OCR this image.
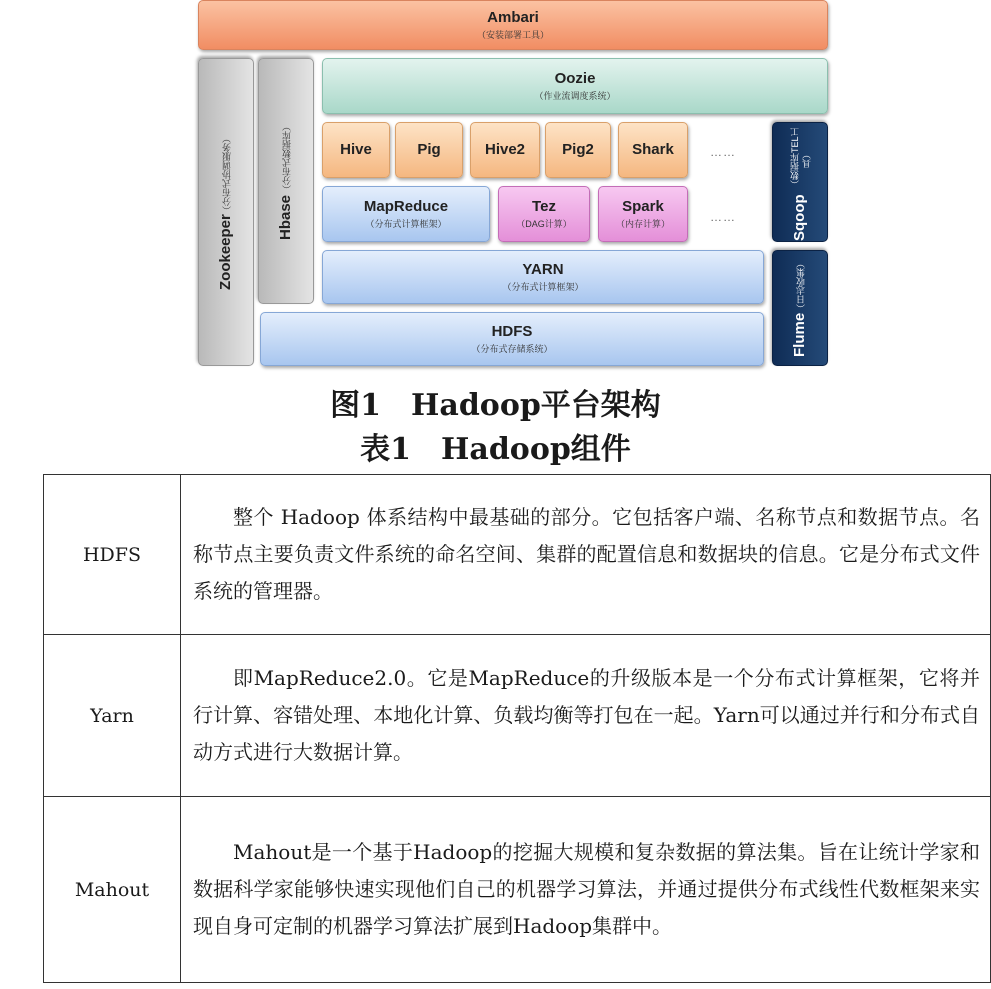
Ambari
（安装部署工具）
Zookeeper
（分布式协调服务）
Hbase
（分布式数据库）
Oozie
（作业流调度系统）
Hive	Pig	Hive2 Pig2	Shark	……
MapReduce
（分布式计算框架）
Tez
（DAG计算）
Spark
（内存计算）	……
YARN
（分布式计算框架）
HDFS
（分布式存储系统）
Sqoop
（数据库TEL工具）
Flume
（日志收集）
图1　Hadoop平台架构
表1　Hadoop组件
HDFS	整个 Hadoop 体系结构中最基础的部分。它包括客户端、名称节点和数据节点。名称节点主要负责文件系统的命名空间、集群的配置信息和数据块的信息。它是分布式文件系统的管理器。

Yarn	即MapReduce2.0。它是MapReduce的升级版本是一个分布式计算框架，它将并行计算、容错处理、本地化计算、负载均衡等打包在一起。Yarn可以通过并行和分布式自动方式进行大数据计算。

Mahout	Mahout是一个基于Hadoop的挖掘大规模和复杂数据的算法集。旨在让统计学家和数据科学家能够快速实现他们自己的机器学习算法，并通过提供分布式线性代数框架来实现自身可定制的机器学习算法扩展到Hadoop集群中。
